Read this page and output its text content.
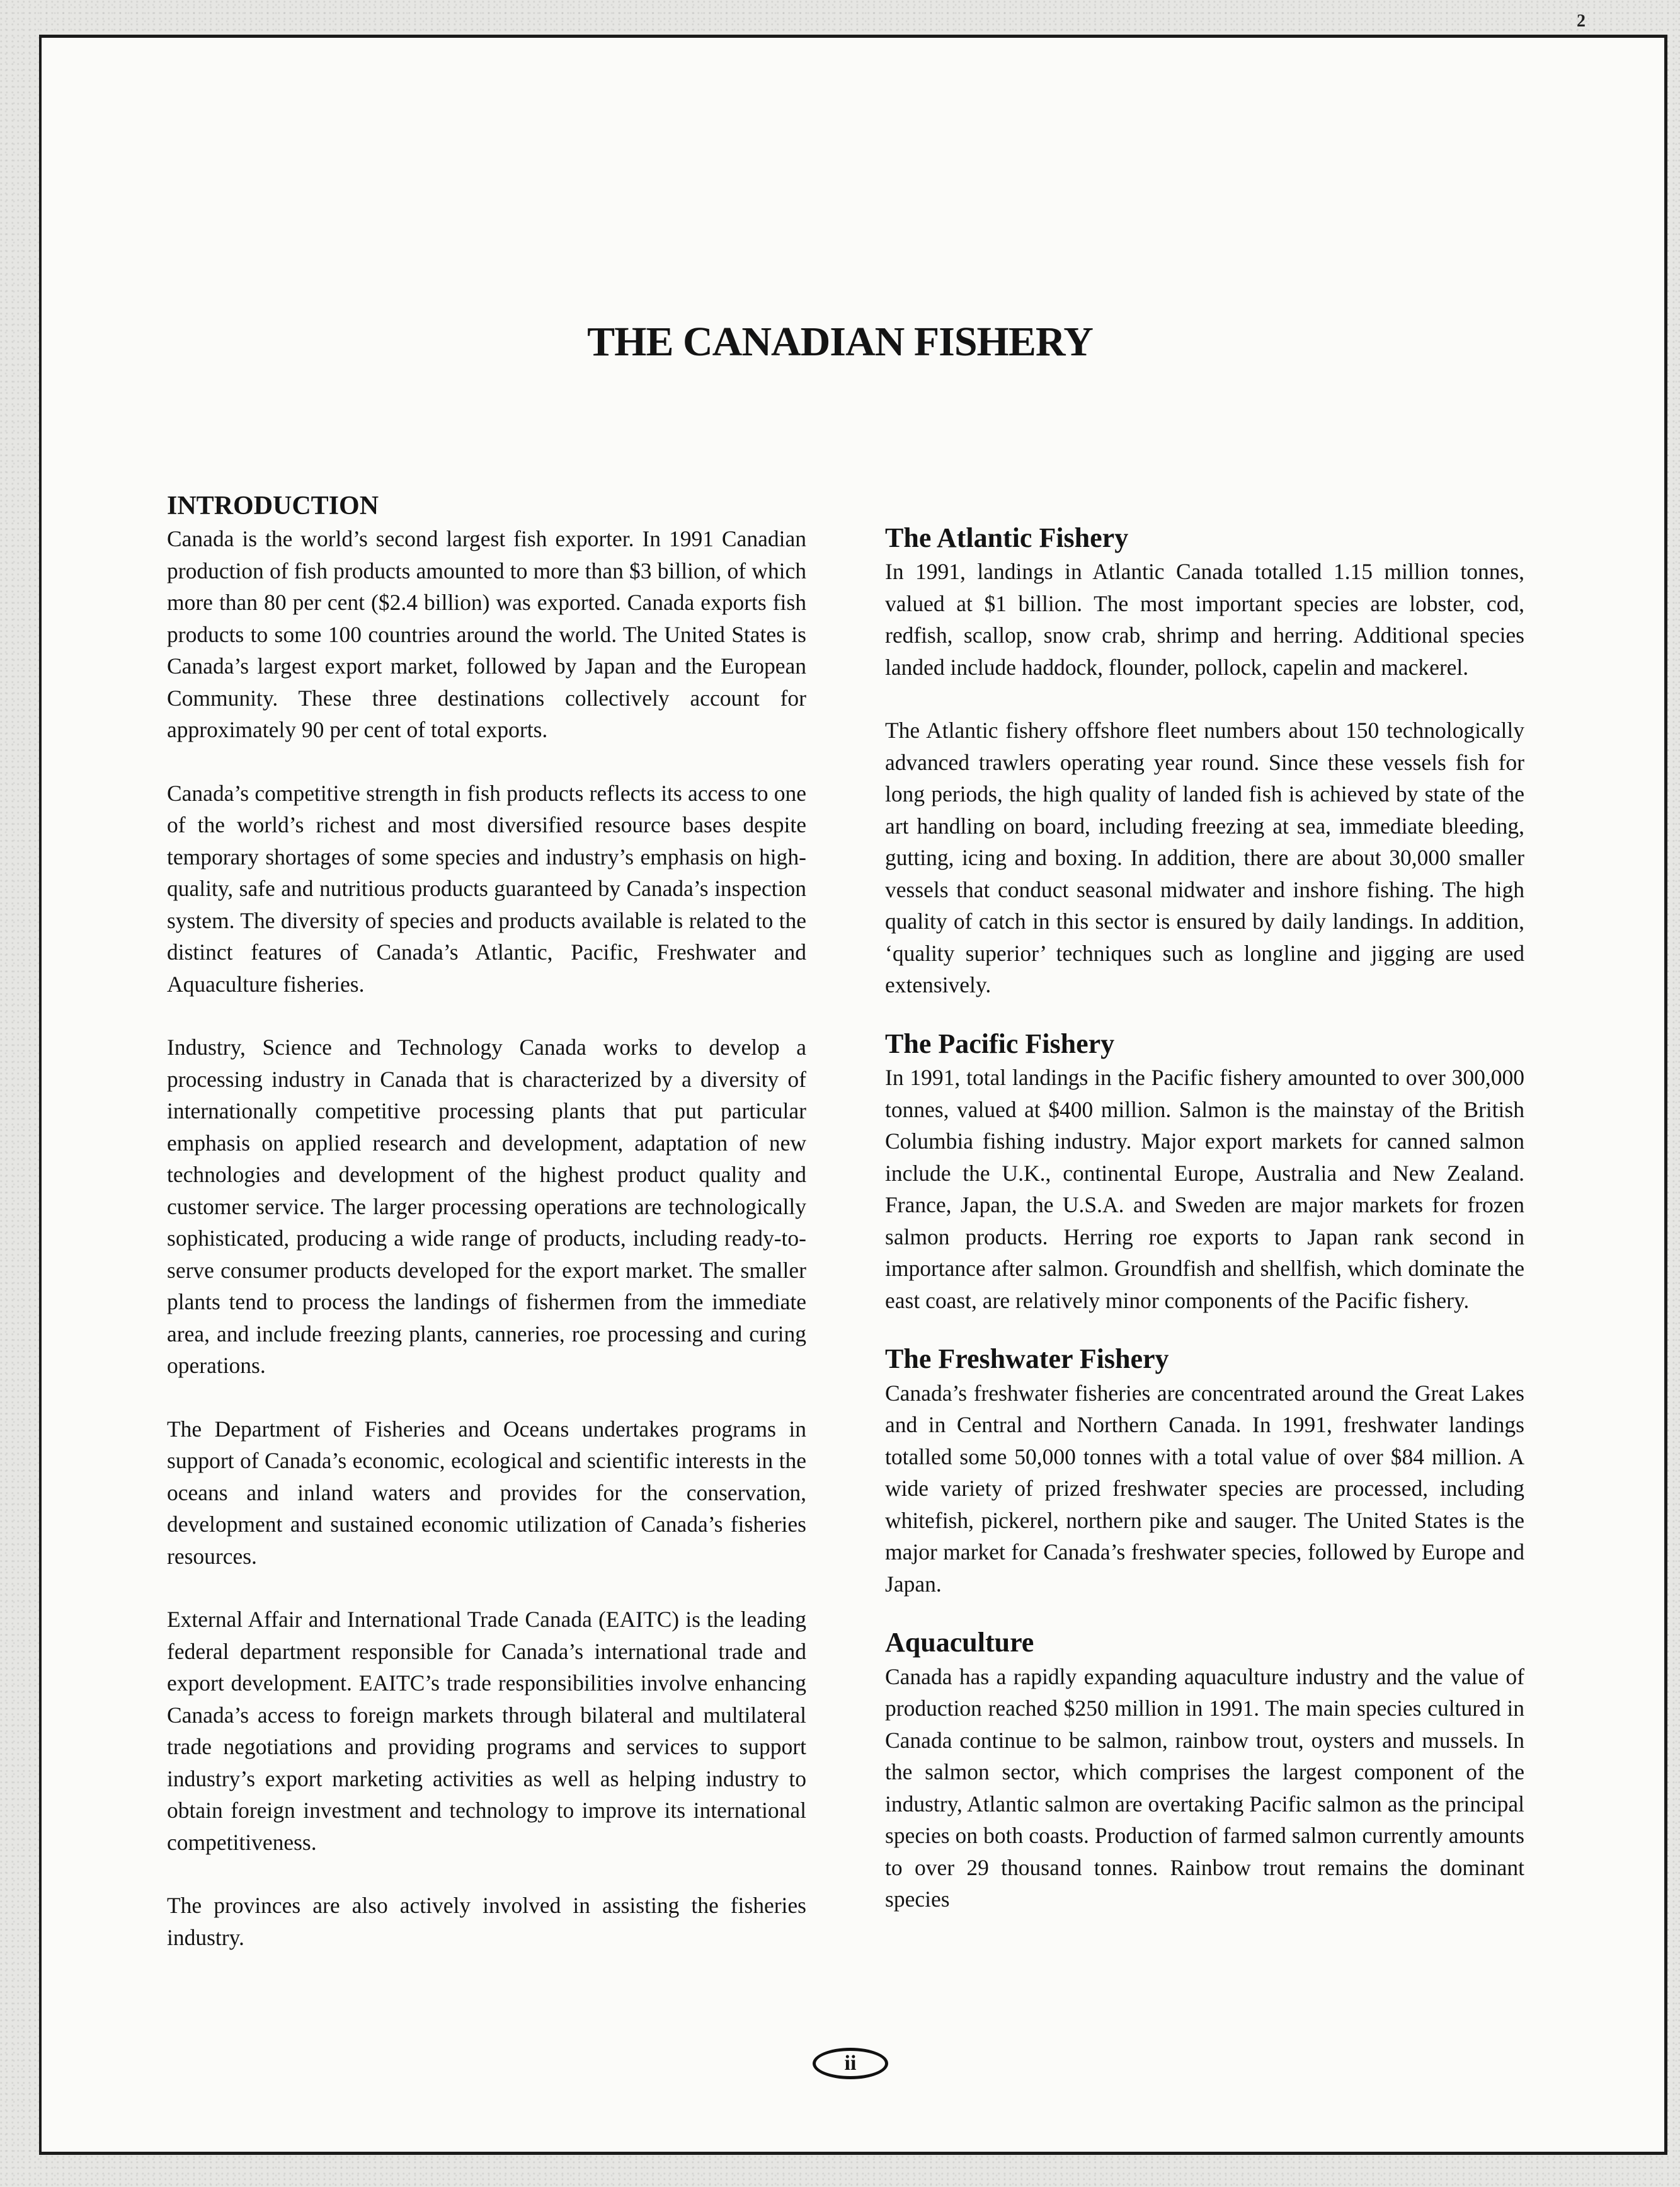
2
THE CANADIAN FISHERY
INTRODUCTION

Canada is the world’s second largest fish exporter. In 1991 Canadian production of fish products amounted to more than $3 billion, of which more than 80 per cent ($2.4 billion) was exported. Canada exports fish products to some 100 countries around the world. The United States is Canada’s largest export market, followed by Japan and the European Community. These three destinations collectively account for approximately 90 per cent of total exports.

Canada’s competitive strength in fish products reflects its access to one of the world’s richest and most diversified resource bases despite temporary shortages of some species and industry’s emphasis on high-quality, safe and nutritious products guaranteed by Canada’s inspection system. The diversity of species and products available is related to the distinct features of Canada’s Atlantic, Pacific, Freshwater and Aquaculture fisheries.

Industry, Science and Technology Canada works to develop a processing industry in Canada that is characterized by a diversity of internationally competitive processing plants that put particular emphasis on applied research and development, adaptation of new technologies and development of the highest product quality and customer service. The larger processing operations are technologically sophisticated, producing a wide range of products, including ready-to-serve consumer products developed for the export market. The smaller plants tend to process the landings of fishermen from the immediate area, and include freezing plants, canneries, roe processing and curing operations.

The Department of Fisheries and Oceans undertakes programs in support of Canada’s economic, ecological and scientific interests in the oceans and inland waters and provides for the conservation, development and sustained economic utilization of Canada’s fisheries resources.

External Affair and International Trade Canada (EAITC) is the leading federal department responsible for Canada’s international trade and export development. EAITC’s trade responsibilities involve enhancing Canada’s access to foreign markets through bilateral and multilateral trade negotiations and providing programs and services to support industry’s export marketing activities as well as helping industry to obtain foreign investment and technology to improve its international competitiveness.

The provinces are also actively involved in assisting the fisheries industry.

The Atlantic Fishery

In 1991, landings in Atlantic Canada totalled 1.15 million tonnes, valued at $1 billion. The most important species are lobster, cod, redfish, scallop, snow crab, shrimp and herring. Additional species landed include haddock, flounder, pollock, capelin and mackerel.

The Atlantic fishery offshore fleet numbers about 150 technologically advanced trawlers operating year round. Since these vessels fish for long periods, the high quality of landed fish is achieved by state of the art handling on board, including freezing at sea, immediate bleeding, gutting, icing and boxing. In addition, there are about 30,000 smaller vessels that conduct seasonal midwater and inshore fishing. The high quality of catch in this sector is ensured by daily landings. In addition, ‘quality superior’ techniques such as longline and jigging are used extensively.

The Pacific Fishery

In 1991, total landings in the Pacific fishery amounted to over 300,000 tonnes, valued at $400 million. Salmon is the mainstay of the British Columbia fishing industry. Major export markets for canned salmon include the U.K., continental Europe, Australia and New Zealand. France, Japan, the U.S.A. and Sweden are major markets for frozen salmon products. Herring roe exports to Japan rank second in importance after salmon. Groundfish and shellfish, which dominate the east coast, are relatively minor components of the Pacific fishery.

The Freshwater Fishery

Canada’s freshwater fisheries are concentrated around the Great Lakes and in Central and Northern Canada. In 1991, freshwater landings totalled some 50,000 tonnes with a total value of over $84 million. A wide variety of prized freshwater species are processed, including whitefish, pickerel, northern pike and sauger. The United States is the major market for Canada’s freshwater species, followed by Europe and Japan.

Aquaculture

Canada has a rapidly expanding aquaculture industry and the value of production reached $250 million in 1991. The main species cultured in Canada continue to be salmon, rainbow trout, oysters and mussels. In the salmon sector, which comprises the largest component of the industry, Atlantic salmon are overtaking Pacific salmon as the principal species on both coasts. Production of farmed salmon currently amounts to over 29 thousand tonnes. Rainbow trout remains the dominant species

ii
